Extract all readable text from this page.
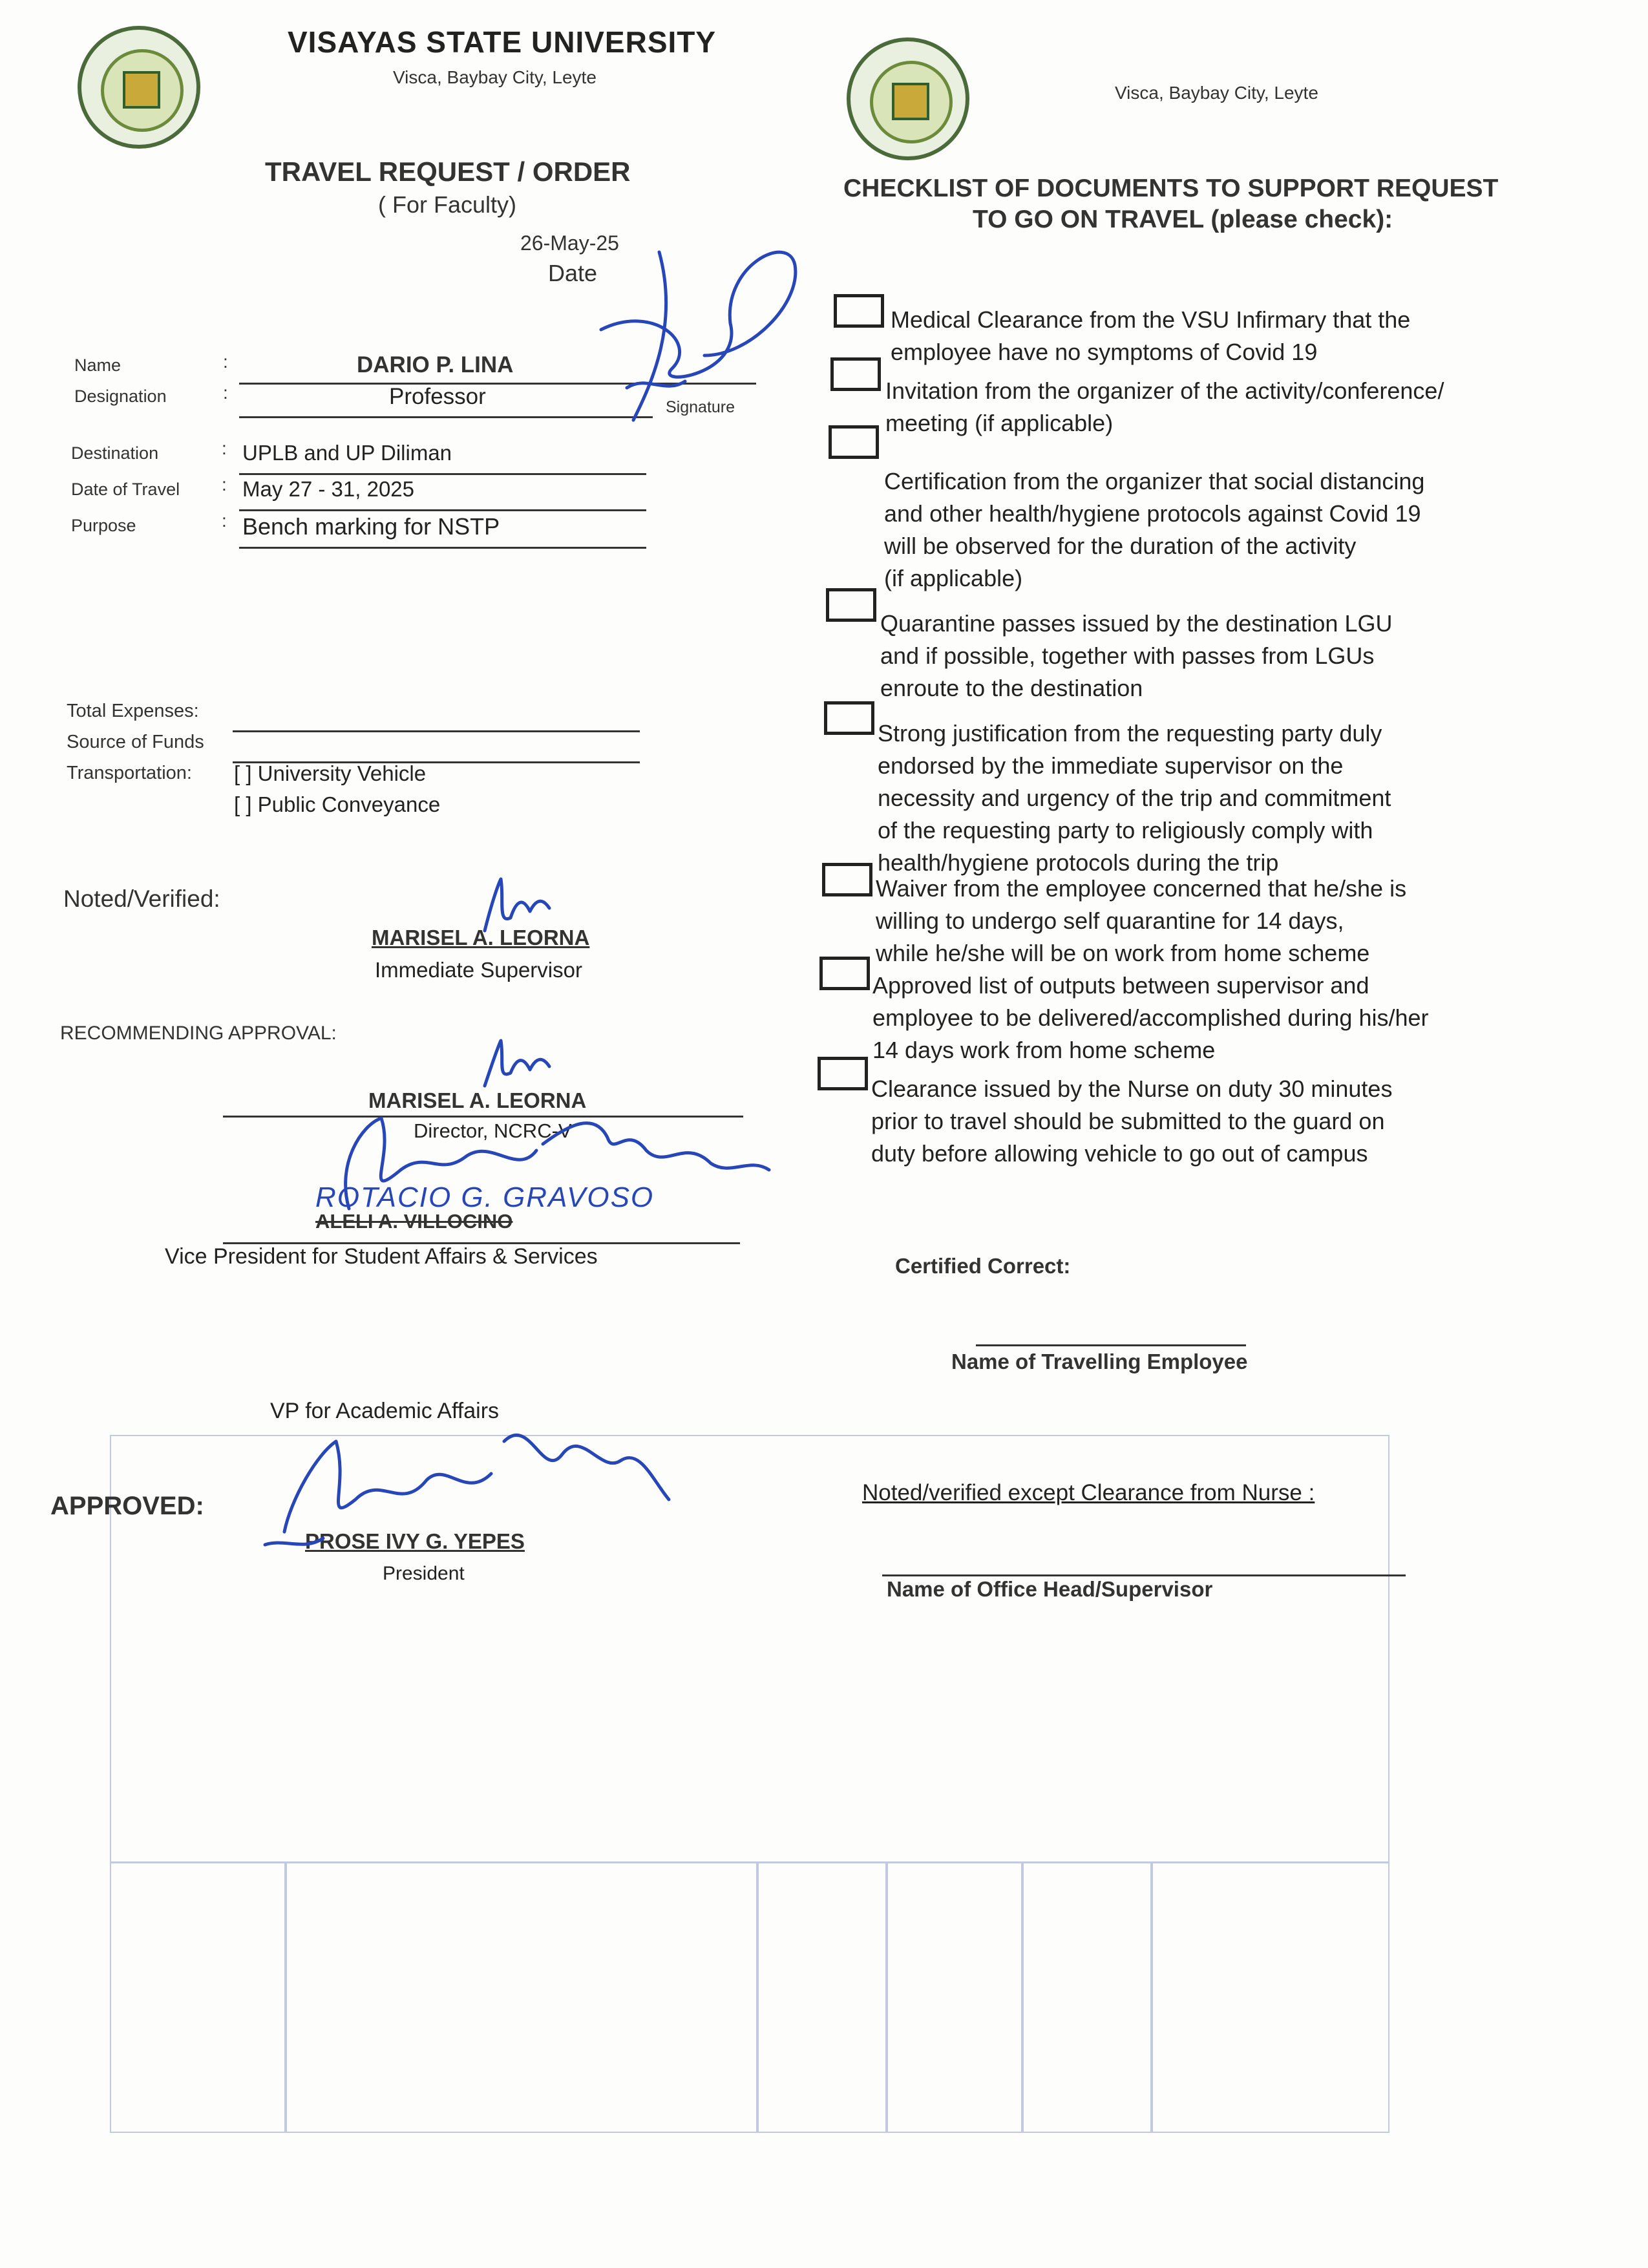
VISAYAS STATE UNIVERSITY
Visca, Baybay City, Leyte
TRAVEL REQUEST / ORDER
( For Faculty)
26-May-25
Date
Visca, Baybay City, Leyte
CHECKLIST OF DOCUMENTS TO SUPPORT REQUEST
TO GO ON TRAVEL (please check):
Name	:	DARIO P. LINA
Designation	:	Professor	Signature
Destination	: UPLB and UP Diliman
Date of Travel : May 27 - 31, 2025
Purpose	: Bench marking for NSTP
Total Expenses:
Source of Funds
Transportation: [ ] University Vehicle
[ ] Public Conveyance
Noted/Verified:
MARISEL A. LEORNA
Immediate Supervisor
RECOMMENDING APPROVAL:
MARISEL A. LEORNA
Director, NCRC-V
ROTACIO G. GRAVOSO
ALELI A. VILLOCINO
Vice President for Student Affairs & Services
VP for Academic Affairs
APPROVED:
PROSE IVY G. YEPES
President
Medical Clearance from the VSU Infirmary that the
employee have no symptoms of Covid 19
Invitation from the organizer of the activity/conference/
meeting (if applicable)
Certification from the organizer that social distancing
and other health/hygiene protocols against Covid 19
will be observed for the duration of the activity
(if applicable)
Quarantine passes issued by the destination LGU
and if possible, together with passes from LGUs
enroute to the destination
Strong justification from the requesting party duly
endorsed by the immediate supervisor on the
necessity and urgency of the trip and commitment
of the requesting party to religiously comply with
health/hygiene protocols during the trip
Waiver from the employee concerned that he/she is
willing to undergo self quarantine for 14 days,
while he/she will be on work from home scheme
Approved list of outputs between supervisor and
employee to be delivered/accomplished during his/her
14 days work from home scheme
Clearance issued by the Nurse on duty 30 minutes
prior to travel should be submitted to the guard on
duty before allowing vehicle to go out of campus
Certified Correct:
Name of Travelling Employee
Noted/verified except Clearance from Nurse :
Name of Office Head/Supervisor
